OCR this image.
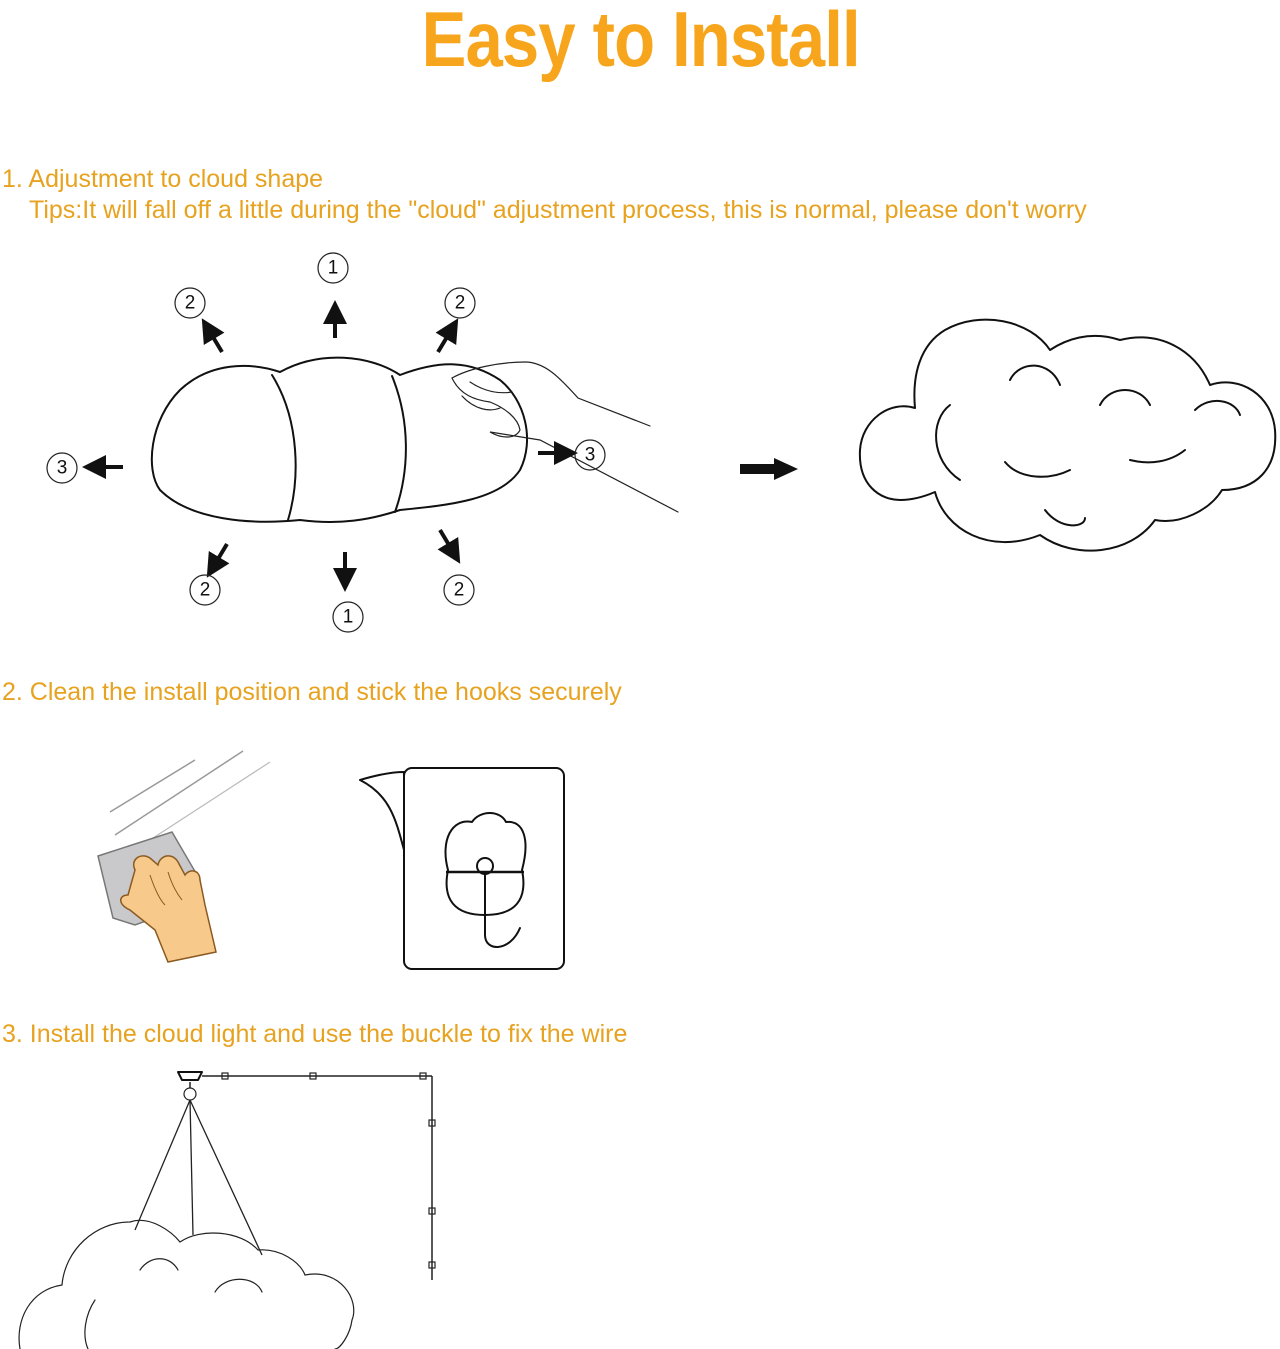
Easy to Install
1. Adjustment to cloud shape
Tips:It will fall off a little during the "cloud" adjustment process, this is normal, please don't worry
2. Clean the install position and stick the hooks securely
3. Install the cloud light and use the buckle to fix the wire
1
1
2	2
2	2
3
3
